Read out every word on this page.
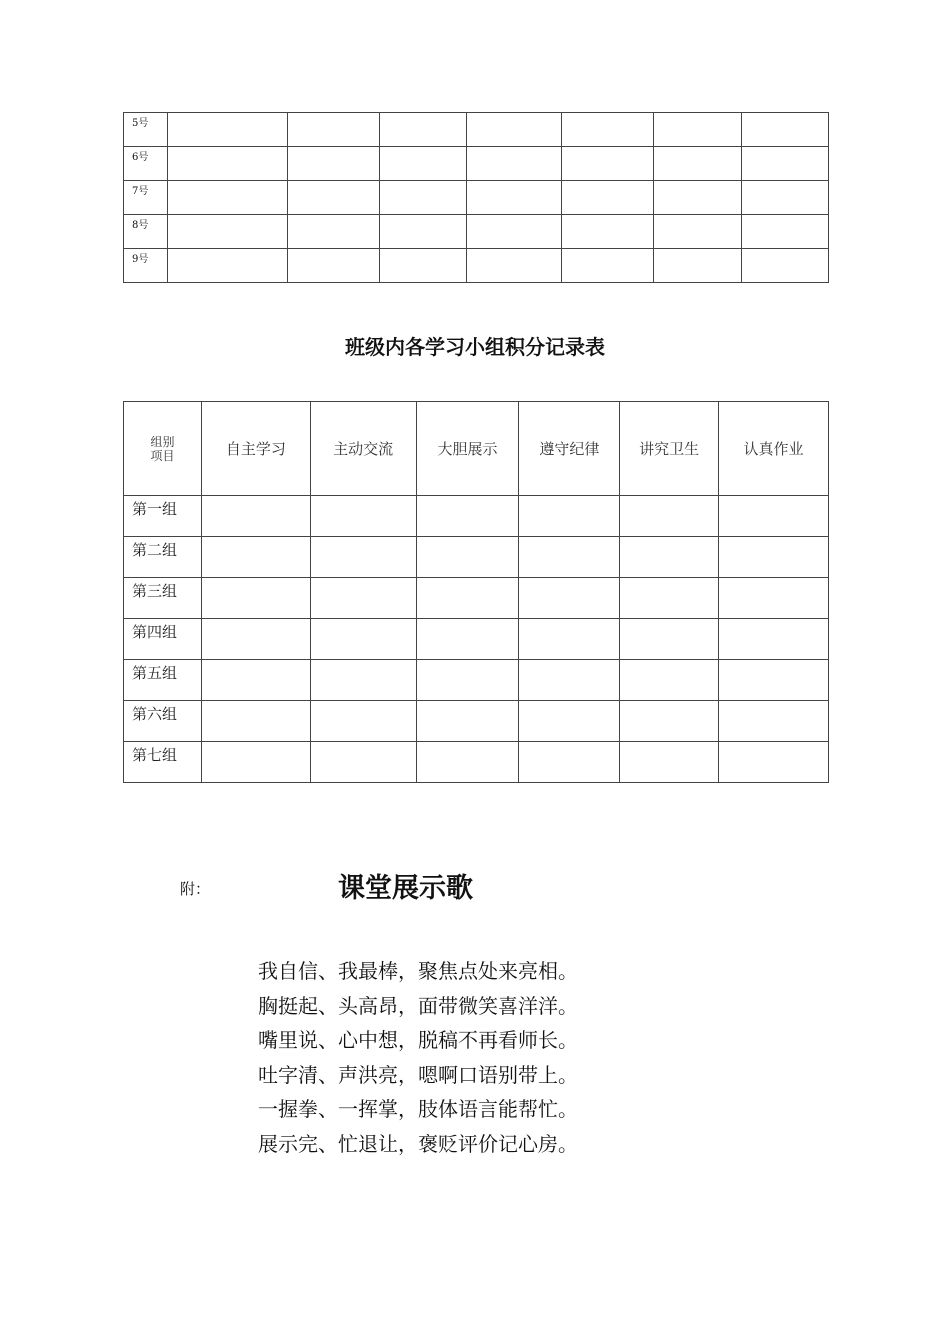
5号							
6号							
7号							
8号							
9号							
班级内各学习小组积分记录表
组别
项目	自主学习	主动交流	大胆展示	遵守纪律	讲究卫生	认真作业
第一组						
第二组						
第三组						
第四组						
第五组						
第六组						
第七组						
附：	课堂展示歌
我自信、我最棒，聚焦点处来亮相。
胸挺起、头高昂，面带微笑喜洋洋。
嘴里说、心中想，脱稿不再看师长。
吐字清、声洪亮，嗯啊口语别带上。
一握拳、一挥掌，肢体语言能帮忙。
展示完、忙退让，褒贬评价记心房。
